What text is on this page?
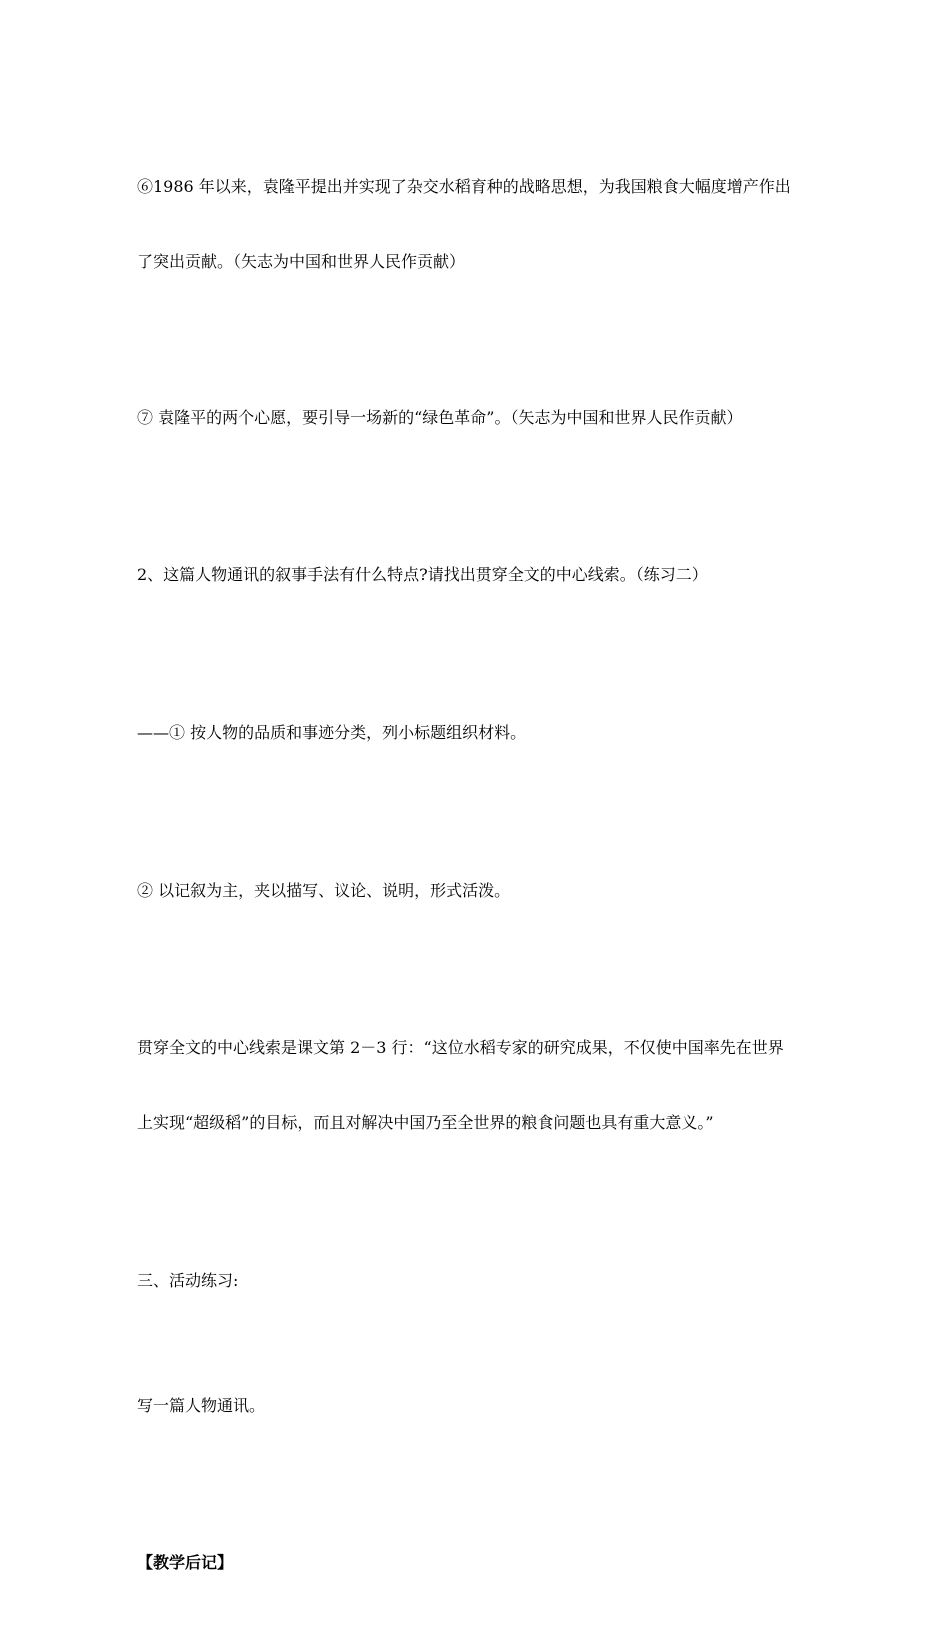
⑥1986 年以来，袁隆平提出并实现了杂交水稻育种的战略思想，为我国粮食大幅度增产作出

了突出贡献。（矢志为中国和世界人民作贡献）

⑦ 袁隆平的两个心愿，要引导一场新的“绿色革命”。（矢志为中国和世界人民作贡献）

2、这篇人物通讯的叙事手法有什么特点?请找出贯穿全文的中心线索。（练习二）

——① 按人物的品质和事迹分类，列小标题组织材料。

② 以记叙为主，夹以描写、议论、说明，形式活泼。

贯穿全文的中心线索是课文第 2－3 行：“这位水稻专家的研究成果，不仅使中国率先在世界

上实现“超级稻”的目标，而且对解决中国乃至全世界的粮食问题也具有重大意义。”

三、活动练习:

写一篇人物通讯。

【教学后记】
